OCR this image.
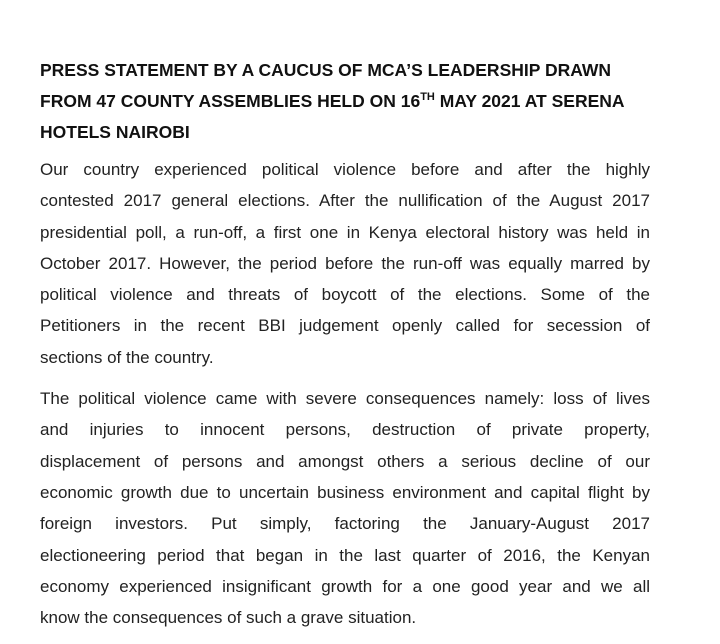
PRESS STATEMENT BY A CAUCUS OF MCA’S LEADERSHIP DRAWN
FROM 47 COUNTY ASSEMBLIES HELD ON 16TH MAY 2021 AT SERENA
HOTELS NAIROBI
Our country experienced political violence before and after the highly
contested 2017 general elections. After the nullification of the August 2017
presidential poll, a run-off, a first one in Kenya electoral history was held in
October 2017. However, the period before the run-off was equally marred by
political violence and threats of boycott of the elections. Some of the
Petitioners in the recent BBI judgement openly called for secession of
sections of the country.
The political violence came with severe consequences namely: loss of lives
and injuries to innocent persons, destruction of private property,
displacement of persons and amongst others a serious decline of our
economic growth due to uncertain business environment and capital flight by
foreign investors. Put simply, factoring the January-August 2017
electioneering period that began in the last quarter of 2016, the Kenyan
economy experienced insignificant growth for a one good year and we all
know the consequences of such a grave situation.
